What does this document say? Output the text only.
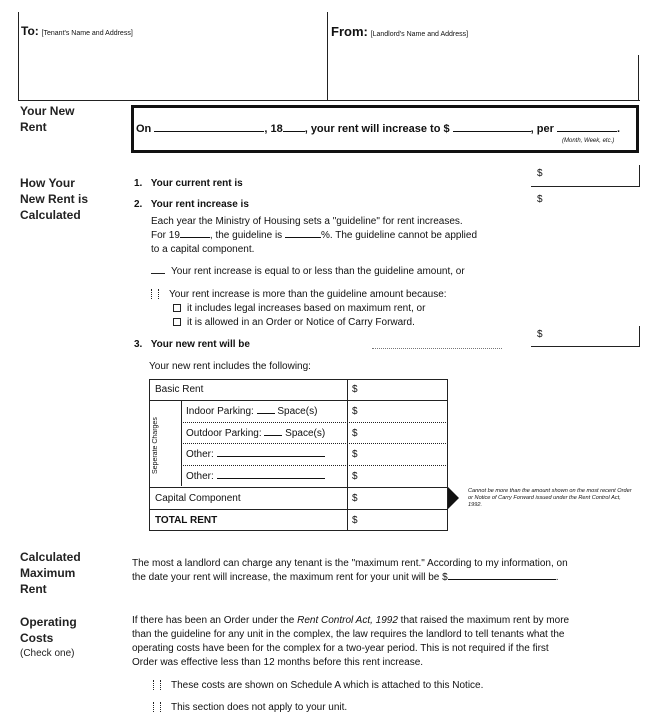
To: [Tenant's Name and Address]	From: [Landlord's Name and Address]
Your New
Rent	On	, 18 , your rent will increase to $	, per	.
(Month, Week, etc.)
How Your
New Rent is
Calculated
1. Your current rent is
$
2. Your rent increase is	$
Each year the Ministry of Housing sets a "guideline" for rent increases.
For 19	, the guideline is	%. The guideline cannot be applied
to a capital component.
Your rent increase is equal to or less than the guideline amount, or
Your rent increase is more than the guideline amount because:
it includes legal increases based on maximum rent, or
it is allowed in an Order or Notice of Carry Forward.
3. Your new rent will be
$
Your new rent includes the following:
Seperate Charges
Basic Rent	$
Indoor Parking: Space(s)	$
Outdoor Parking: Space(s)	$
Other:	$
Other:	$
Capital Component	$
TOTAL RENT	$
Cannot be more than the amount shown on the most recent Order or Notice of Carry Forward issued under the Rent Control Act, 1992.
Calculated
Maximum
Rent
The most a landlord can charge any tenant is the "maximum rent." According to my information, on
the date your rent will increase, the maximum rent for your unit will be $	.
Operating
Costs
(Check one)
If there has been an Order under the Rent Control Act, 1992 that raised the maximum rent by more
than the guideline for any unit in the complex, the law requires the landlord to tell tenants what the
operating costs have been for the complex for a two-year period. This is not required if the first
Order was effective less than 12 months before this rent increase.
These costs are shown on Schedule A which is attached to this Notice.
This section does not apply to your unit.
